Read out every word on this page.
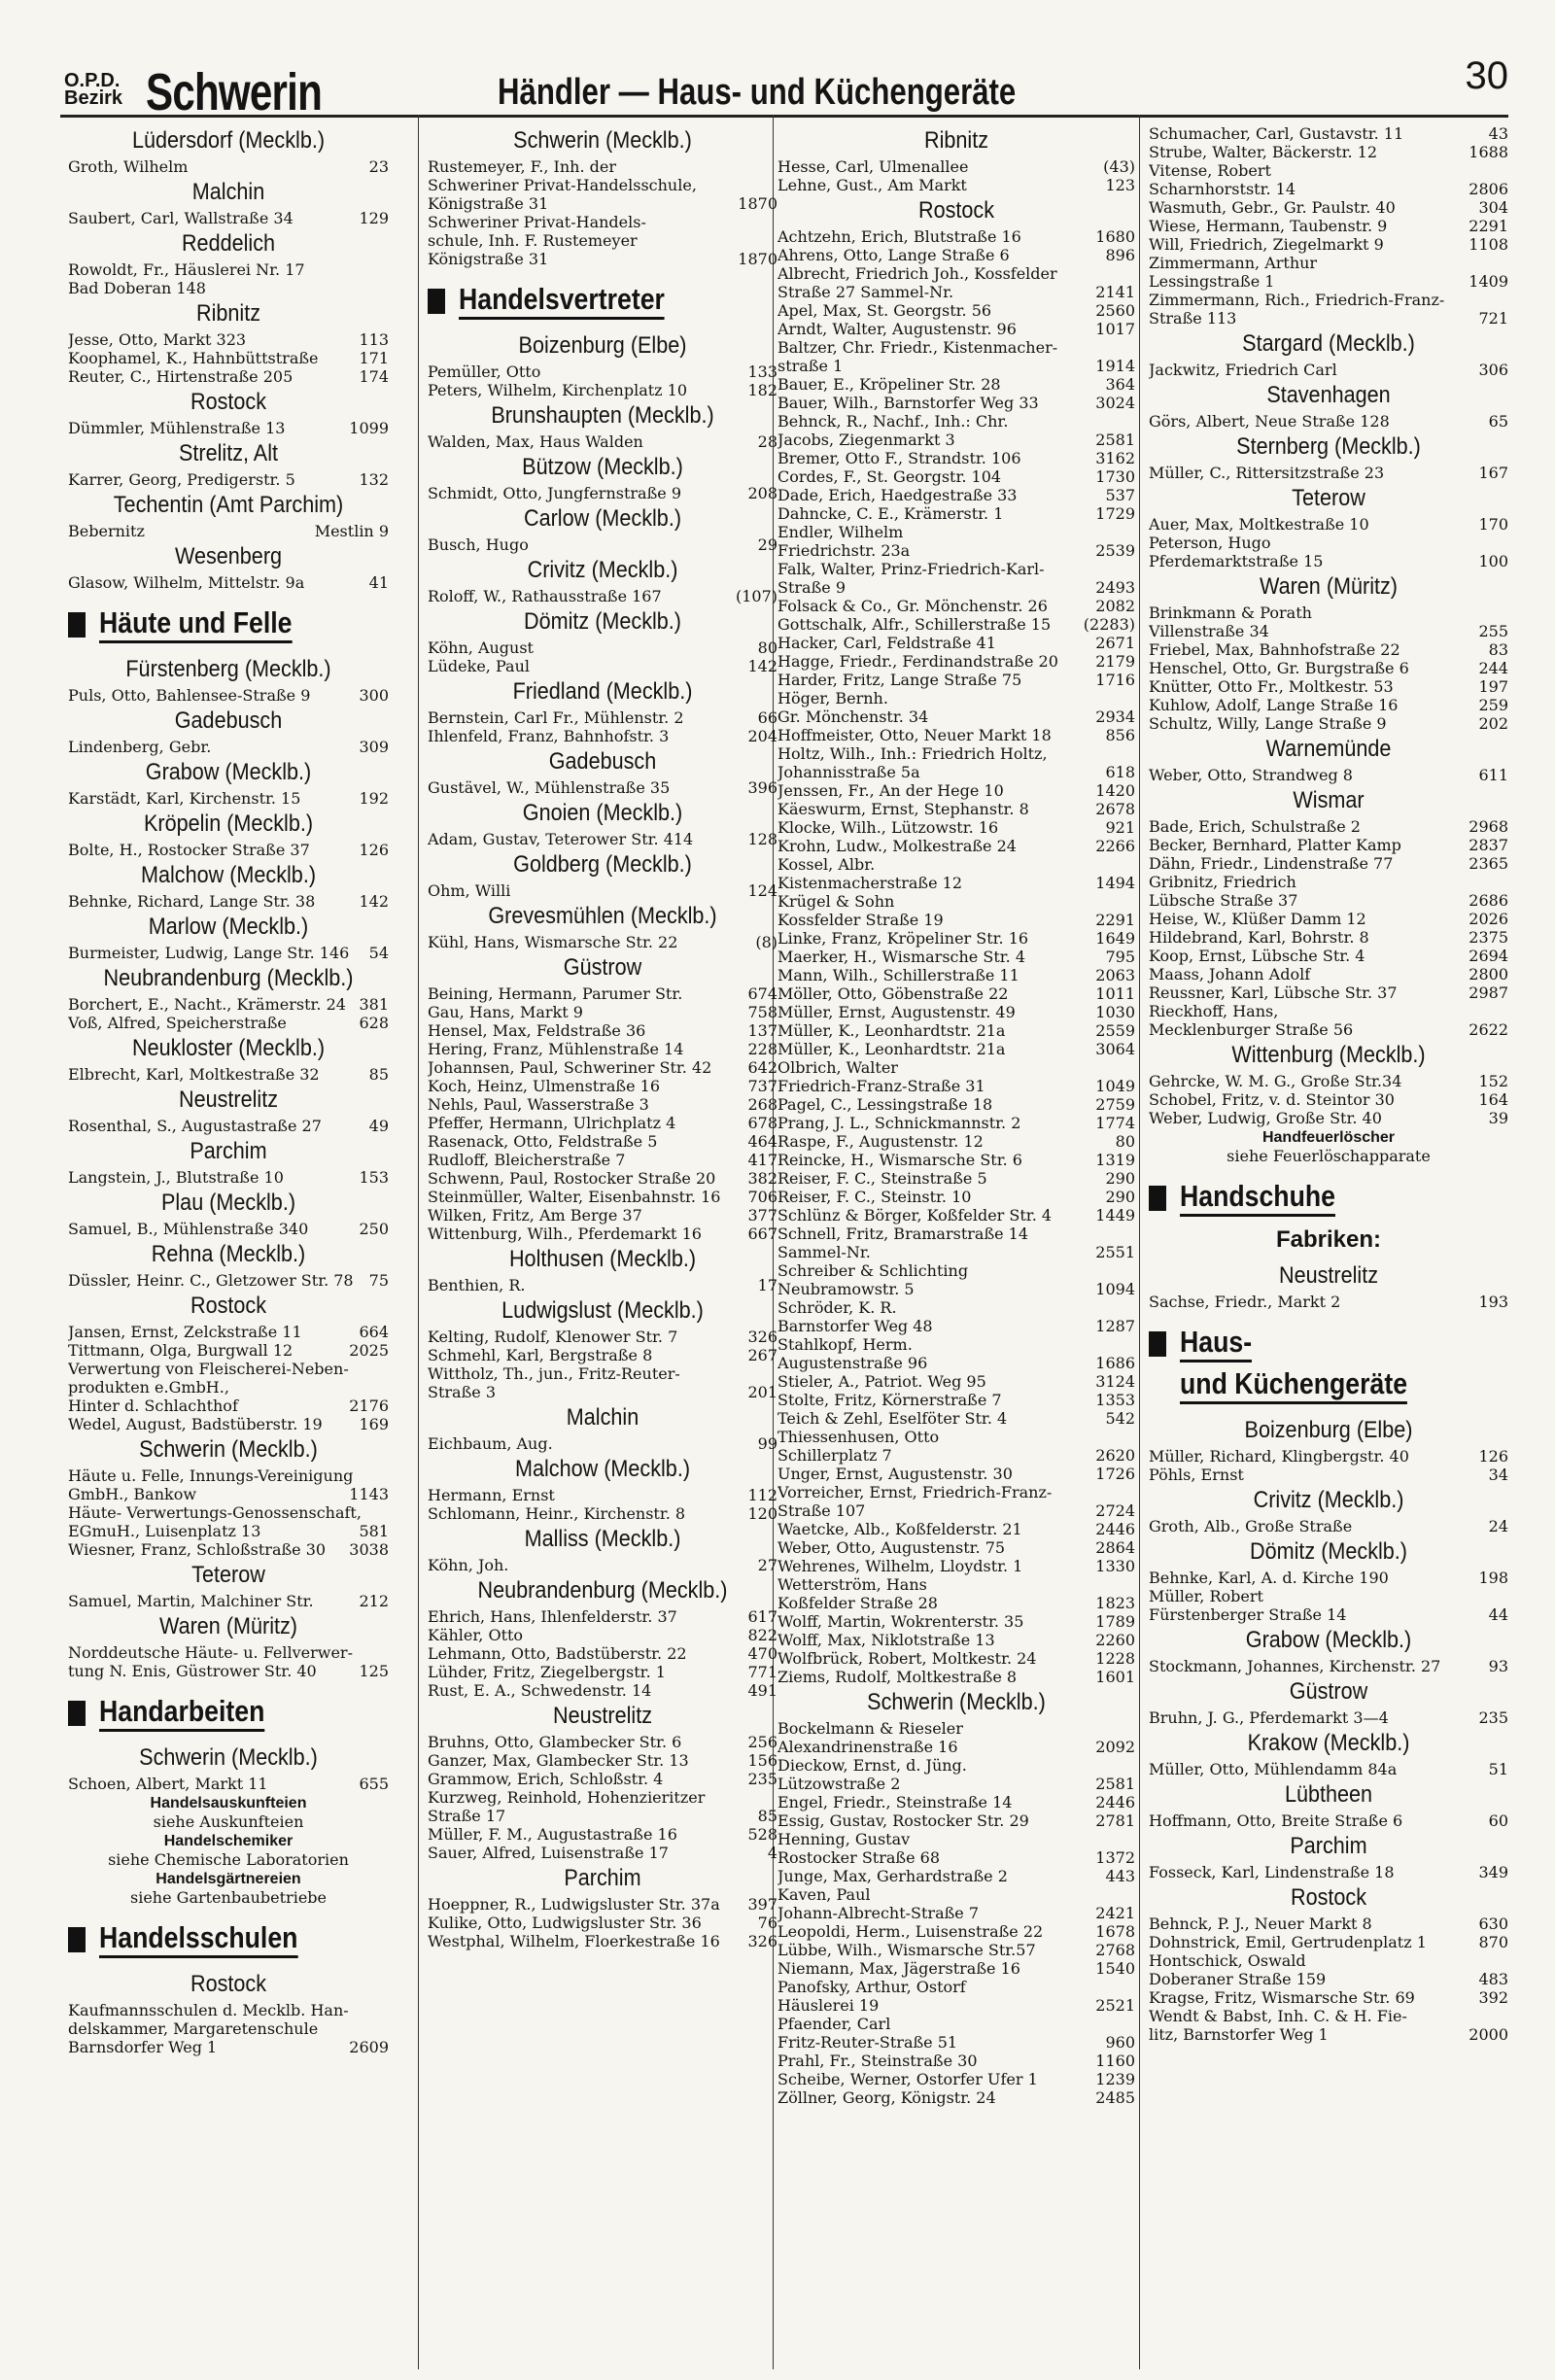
O.P.D.
Bezirk Schwerin	Händler — Haus- und Küchengeräte	30
Lüdersdorf (Mecklb.)
Groth, Wilhelm	23
Malchin
Saubert, Carl, Wallstraße 34	129
Reddelich
Rowoldt, Fr., Häuslerei Nr. 17
Bad Doberan 148
Ribnitz
Jesse, Otto, Markt 323	113
Koophamel, K., Hahnbüttstraße	171
Reuter, C., Hirtenstraße 205	174
Rostock
Dümmler, Mühlenstraße 13	1099
Strelitz, Alt
Karrer, Georg, Predigerstr. 5	132
Techentin (Amt Parchim)
Bebernitz	Mestlin 9
Wesenberg
Glasow, Wilhelm, Mittelstr. 9a	41
Häute und Felle
Fürstenberg (Mecklb.)
Puls, Otto, Bahlensee-Straße 9	300
Gadebusch
Lindenberg, Gebr.	309
Grabow (Mecklb.)
Karstädt, Karl, Kirchenstr. 15	192
Kröpelin (Mecklb.)
Bolte, H., Rostocker Straße 37	126
Malchow (Mecklb.)
Behnke, Richard, Lange Str. 38	142
Marlow (Mecklb.)
Burmeister, Ludwig, Lange Str. 146 54
Neubrandenburg (Mecklb.)
Borchert, E., Nacht., Krämerstr. 24 381
Voß, Alfred, Speicherstraße	628
Neukloster (Mecklb.)
Elbrecht, Karl, Moltkestraße 32	85
Neustrelitz
Rosenthal, S., Augustastraße 27	49
Parchim
Langstein, J., Blutstraße 10	153
Plau (Mecklb.)
Samuel, B., Mühlenstraße 340	250
Rehna (Mecklb.)
Düssler, Heinr. C., Gletzower Str. 78 75
Rostock
Jansen, Ernst, Zelckstraße 11	664
Tittmann, Olga, Burgwall 12	2025
Verwertung von Fleischerei-Neben-
produkten e.GmbH.,
Hinter d. Schlachthof	2176
Wedel, August, Badstüberstr. 19 169
Schwerin (Mecklb.)
Häute u. Felle, Innungs-Vereinigung
GmbH., Bankow	1143
Häute- Verwertungs-Genossenschaft,
EGmuH., Luisenplatz 13	581
Wiesner, Franz, Schloßstraße 30 3038
Teterow
Samuel, Martin, Malchiner Str.	212
Waren (Müritz)
Norddeutsche Häute- u. Fellverwer-
tung N. Enis, Güstrower Str. 40	125
Handarbeiten
Schwerin (Mecklb.)
Schoen, Albert, Markt 11	655
Handelsauskunfteien
siehe Auskunfteien
Handelschemiker
siehe Chemische Laboratorien
Handelsgärtnereien
siehe Gartenbaubetriebe
Handelsschulen
Rostock
Kaufmannsschulen d. Mecklb. Han-
delskammer, Margaretenschule
Barnsdorfer Weg 1	2609
Schwerin (Mecklb.)
Rustemeyer, F., Inh. der
Schweriner Privat-Handelsschule,
Königstraße 31	1870
Schweriner Privat-Handels-
schule, Inh. F. Rustemeyer
Königstraße 31	1870
Handelsvertreter
Boizenburg (Elbe)
Pemüller, Otto	133
Peters, Wilhelm, Kirchenplatz 10	182
Brunshaupten (Mecklb.)
Walden, Max, Haus Walden	28
Bützow (Mecklb.)
Schmidt, Otto, Jungfernstraße 9	208
Carlow (Mecklb.)
Busch, Hugo	29
Crivitz (Mecklb.)
Roloff, W., Rathausstraße 167	(107)
Dömitz (Mecklb.)
Köhn, August	80
Lüdeke, Paul	142
Friedland (Mecklb.)
Bernstein, Carl Fr., Mühlenstr. 2	66
Ihlenfeld, Franz, Bahnhofstr. 3	204
Gadebusch
Gustävel, W., Mühlenstraße 35	396
Gnoien (Mecklb.)
Adam, Gustav, Teterower Str. 414	128
Goldberg (Mecklb.)
Ohm, Willi	124
Grevesmühlen (Mecklb.)
Kühl, Hans, Wismarsche Str. 22	(8)
Güstrow
Beining, Hermann, Parumer Str.	674
Gau, Hans, Markt 9	758
Hensel, Max, Feldstraße 36	137
Hering, Franz, Mühlenstraße 14	228
Johannsen, Paul, Schweriner Str. 42 642
Koch, Heinz, Ulmenstraße 16	737
Nehls, Paul, Wasserstraße 3	268
Pfeffer, Hermann, Ulrichplatz 4	678
Rasenack, Otto, Feldstraße 5	464
Rudloff, Bleicherstraße 7	417
Schwenn, Paul, Rostocker Straße 20 382
Steinmüller, Walter, Eisenbahnstr. 16 706
Wilken, Fritz, Am Berge 37	377
Wittenburg, Wilh., Pferdemarkt 16	667
Holthusen (Mecklb.)
Benthien, R.	17
Ludwigslust (Mecklb.)
Kelting, Rudolf, Klenower Str. 7	326
Schmehl, Karl, Bergstraße 8	267
Wittholz, Th., jun., Fritz-Reuter-
Straße 3	201
Malchin
Eichbaum, Aug.	99
Malchow (Mecklb.)
Hermann, Ernst	112
Schlomann, Heinr., Kirchenstr. 8	120
Malliss (Mecklb.)
Köhn, Joh.	27
Neubrandenburg (Mecklb.)
Ehrich, Hans, Ihlenfelderstr. 37	617
Kähler, Otto	822
Lehmann, Otto, Badstüberstr. 22	470
Lühder, Fritz, Ziegelbergstr. 1	771
Rust, E. A., Schwedenstr. 14	491
Neustrelitz
Bruhns, Otto, Glambecker Str. 6	256
Ganzer, Max, Glambecker Str. 13	156
Grammow, Erich, Schloßstr. 4	235
Kurzweg, Reinhold, Hohenzieritzer
Straße 17	85
Müller, F. M., Augustastraße 16	528
Sauer, Alfred, Luisenstraße 17	4
Parchim
Hoeppner, R., Ludwigsluster Str. 37a 397
Kulike, Otto, Ludwigsluster Str. 36	76
Westphal, Wilhelm, Floerkestraße 16 326
Ribnitz
Hesse, Carl, Ulmenallee	(43)
Lehne, Gust., Am Markt	123
Rostock
Achtzehn, Erich, Blutstraße 16	1680
Ahrens, Otto, Lange Straße 6	896
Albrecht, Friedrich Joh., Kossfelder
Straße 27 Sammel-Nr.	2141
Apel, Max, St. Georgstr. 56	2560
Arndt, Walter, Augustenstr. 96	1017
Baltzer, Chr. Friedr., Kistenmacher-
straße 1	1914
Bauer, E., Kröpeliner Str. 28	364
Bauer, Wilh., Barnstorfer Weg 33	3024
Behnck, R., Nachf., Inh.: Chr.
Jacobs, Ziegenmarkt 3	2581
Bremer, Otto F., Strandstr. 106	3162
Cordes, F., St. Georgstr. 104	1730
Dade, Erich, Haedgestraße 33	537
Dahncke, C. E., Krämerstr. 1	1729
Endler, Wilhelm
Friedrichstr. 23a	2539
Falk, Walter, Prinz-Friedrich-Karl-
Straße 9	2493
Folsack & Co., Gr. Mönchenstr. 26	2082
Gottschalk, Alfr., Schillerstraße 15 (2283)
Hacker, Carl, Feldstraße 41	2671
Hagge, Friedr., Ferdinandstraße 20 2179
Harder, Fritz, Lange Straße 75	1716
Höger, Bernh.
Gr. Mönchenstr. 34	2934
Hoffmeister, Otto, Neuer Markt 18	856
Holtz, Wilh., Inh.: Friedrich Holtz,
Johannisstraße 5a	618
Jenssen, Fr., An der Hege 10	1420
Käeswurm, Ernst, Stephanstr. 8	2678
Klocke, Wilh., Lützowstr. 16	921
Krohn, Ludw., Molkestraße 24	2266
Kossel, Albr.
Kistenmacherstraße 12	1494
Krügel & Sohn
Kossfelder Straße 19	2291
Linke, Franz, Kröpeliner Str. 16	1649
Maerker, H., Wismarsche Str. 4	795
Mann, Wilh., Schillerstraße 11	2063
Möller, Otto, Göbenstraße 22	1011
Müller, Ernst, Augustenstr. 49	1030
Müller, K., Leonhardtstr. 21a	2559
Müller, K., Leonhardtstr. 21a	3064
Olbrich, Walter
Friedrich-Franz-Straße 31	1049
Pagel, C., Lessingstraße 18	2759
Prang, J. L., Schnickmannstr. 2	1774
Raspe, F., Augustenstr. 12	80
Reincke, H., Wismarsche Str. 6	1319
Reiser, F. C., Steinstraße 5	290
Reiser, F. C., Steinstr. 10	290
Schlünz & Börger, Koßfelder Str. 4	1449
Schnell, Fritz, Bramarstraße 14
Sammel-Nr.	2551
Schreiber & Schlichting
Neubramowstr. 5	1094
Schröder, K. R.
Barnstorfer Weg 48	1287
Stahlkopf, Herm.
Augustenstraße 96	1686
Stieler, A., Patriot. Weg 95	3124
Stolte, Fritz, Körnerstraße 7	1353
Teich & Zehl, Eselföter Str. 4	542
Thiessenhusen, Otto
Schillerplatz 7	2620
Unger, Ernst, Augustenstr. 30	1726
Vorreicher, Ernst, Friedrich-Franz-
Straße 107	2724
Waetcke, Alb., Koßfelderstr. 21	2446
Weber, Otto, Augustenstr. 75	2864
Wehrenes, Wilhelm, Lloydstr. 1	1330
Wetterström, Hans
Koßfelder Straße 28	1823
Wolff, Martin, Wokrenterstr. 35	1789
Wolff, Max, Niklotstraße 13	2260
Wolfbrück, Robert, Moltkestr. 24	1228
Ziems, Rudolf, Moltkestraße 8	1601
Schwerin (Mecklb.)
Bockelmann & Rieseler
Alexandrinenstraße 16	2092
Dieckow, Ernst, d. Jüng.
Lützowstraße 2	2581
Engel, Friedr., Steinstraße 14	2446
Essig, Gustav, Rostocker Str. 29	2781
Henning, Gustav
Rostocker Straße 68	1372
Junge, Max, Gerhardstraße 2	443
Kaven, Paul
Johann-Albrecht-Straße 7	2421
Leopoldi, Herm., Luisenstraße 22	1678
Lübbe, Wilh., Wismarsche Str.57	2768
Niemann, Max, Jägerstraße 16	1540
Panofsky, Arthur, Ostorf
Häuslerei 19	2521
Pfaender, Carl
Fritz-Reuter-Straße 51	960
Prahl, Fr., Steinstraße 30	1160
Scheibe, Werner, Ostorfer Ufer 1	1239
Zöllner, Georg, Königstr. 24	2485
Schumacher, Carl, Gustavstr. 11	43
Strube, Walter, Bäckerstr. 12	1688
Vitense, Robert
Scharnhorststr. 14	2806
Wasmuth, Gebr., Gr. Paulstr. 40	304
Wiese, Hermann, Taubenstr. 9	2291
Will, Friedrich, Ziegelmarkt 9	1108
Zimmermann, Arthur
Lessingstraße 1	1409
Zimmermann, Rich., Friedrich-Franz-
Straße 113	721
Stargard (Mecklb.)
Jackwitz, Friedrich Carl	306
Stavenhagen
Görs, Albert, Neue Straße 128	65
Sternberg (Mecklb.)
Müller, C., Rittersitzstraße 23	167
Teterow
Auer, Max, Moltkestraße 10	170
Peterson, Hugo
Pferdemarktstraße 15	100
Waren (Müritz)
Brinkmann & Porath
Villenstraße 34	255
Friebel, Max, Bahnhofstraße 22	83
Henschel, Otto, Gr. Burgstraße 6	244
Knütter, Otto Fr., Moltkestr. 53	197
Kuhlow, Adolf, Lange Straße 16	259
Schultz, Willy, Lange Straße 9	202
Warnemünde
Weber, Otto, Strandweg 8	611
Wismar
Bade, Erich, Schulstraße 2	2968
Becker, Bernhard, Platter Kamp	2837
Dähn, Friedr., Lindenstraße 77	2365
Gribnitz, Friedrich
Lübsche Straße 37	2686
Heise, W., Klüßer Damm 12	2026
Hildebrand, Karl, Bohrstr. 8	2375
Koop, Ernst, Lübsche Str. 4	2694
Maass, Johann Adolf	2800
Reussner, Karl, Lübsche Str. 37	2987
Rieckhoff, Hans,
Mecklenburger Straße 56	2622
Wittenburg (Mecklb.)
Gehrcke, W. M. G., Große Str.34	152
Schobel, Fritz, v. d. Steintor 30	164
Weber, Ludwig, Große Str. 40	39
Handfeuerlöscher
siehe Feuerlöschapparate
Handschuhe
Fabriken:
Neustrelitz
Sachse, Friedr., Markt 2	193
Haus-
und Küchengeräte
Boizenburg (Elbe)
Müller, Richard, Klingbergstr. 40	126
Pöhls, Ernst	34
Crivitz (Mecklb.)
Groth, Alb., Große Straße	24
Dömitz (Mecklb.)
Behnke, Karl, A. d. Kirche 190	198
Müller, Robert
Fürstenberger Straße 14	44
Grabow (Mecklb.)
Stockmann, Johannes, Kirchenstr. 27	93
Güstrow
Bruhn, J. G., Pferdemarkt 3—4	235
Krakow (Mecklb.)
Müller, Otto, Mühlendamm 84a	51
Lübtheen
Hoffmann, Otto, Breite Straße 6	60
Parchim
Fosseck, Karl, Lindenstraße 18	349
Rostock
Behnck, P. J., Neuer Markt 8	630
Dohnstrick, Emil, Gertrudenplatz 1	870
Hontschick, Oswald
Doberaner Straße 159	483
Kragse, Fritz, Wismarsche Str. 69	392
Wendt & Babst, Inh. C. & H. Fie-
litz, Barnstorfer Weg 1	2000
